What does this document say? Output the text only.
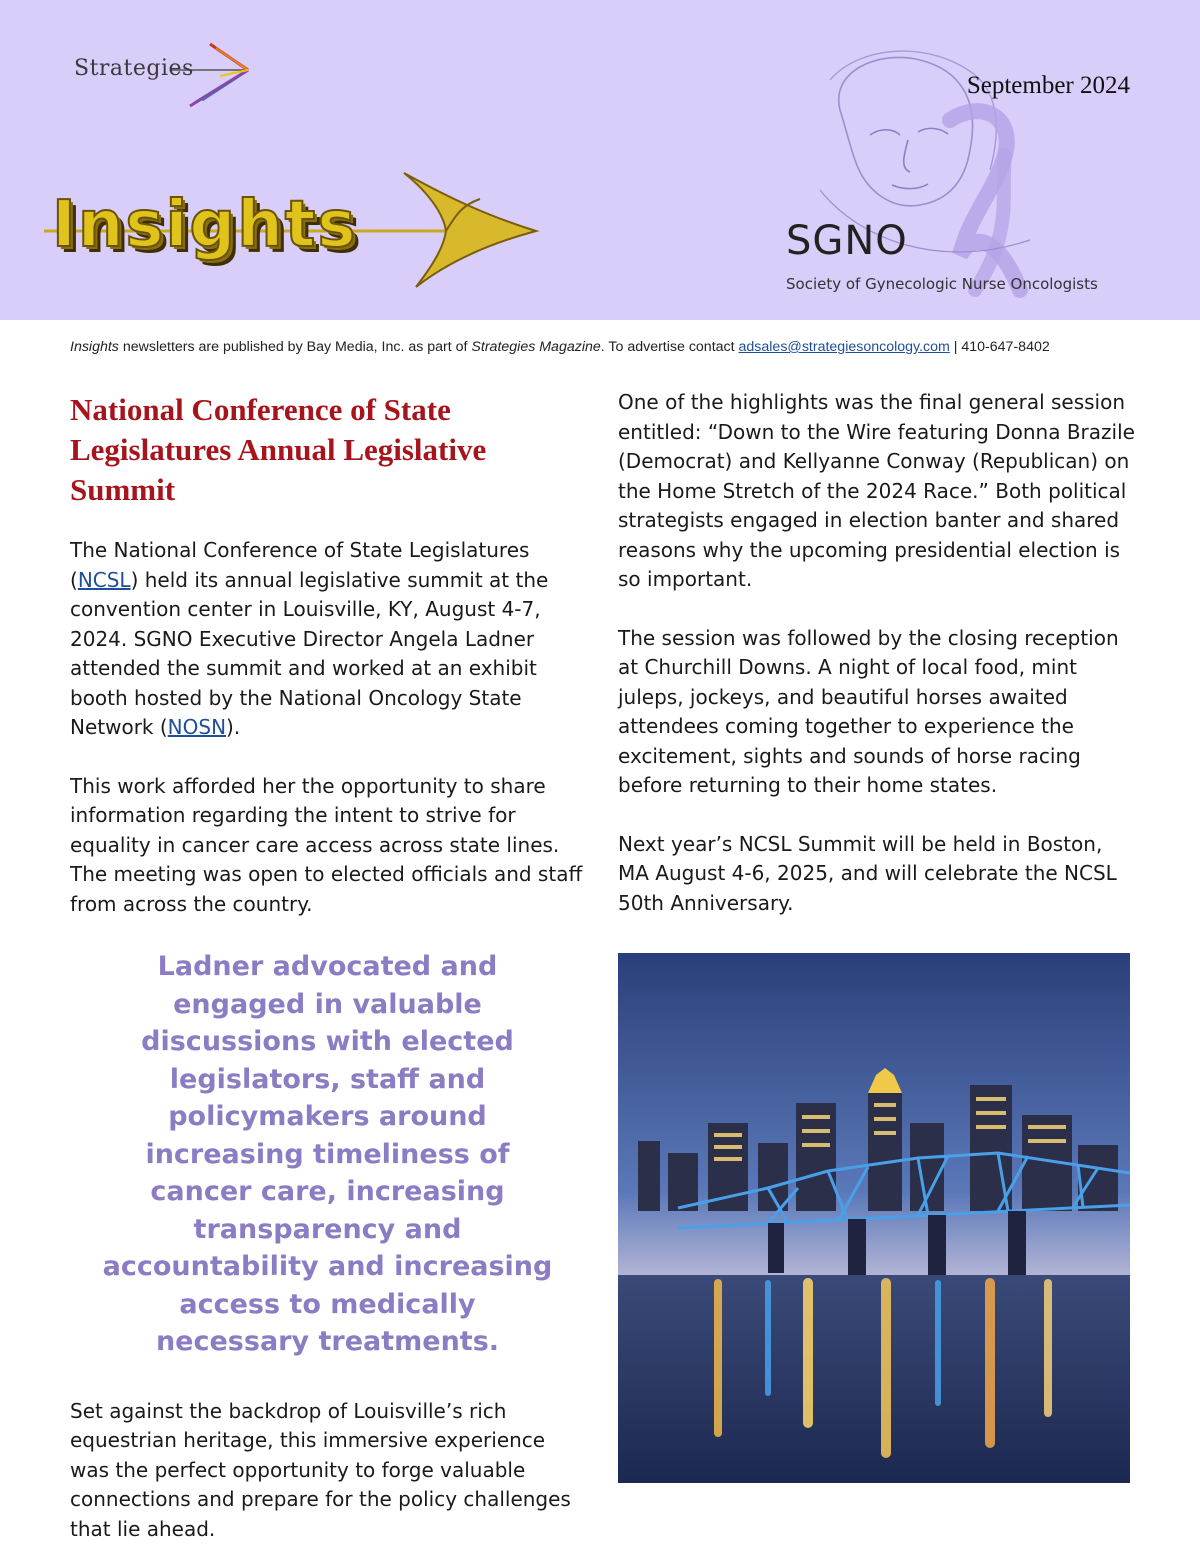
Strategies
Insights
September 2024
SGNO
Society of Gynecologic Nurse Oncologists
Insights newsletters are published by Bay Media, Inc. as part of Strategies Magazine. To advertise contact adsales@strategiesoncology.com | 410-647-8402
National Conference of State Legislatures Annual Legislative Summit

The National Conference of State Legislatures (NCSL) held its annual legislative summit at the convention center in Louisville, KY, August 4-7, 2024. SGNO Executive Director Angela Ladner attended the summit and worked at an exhibit booth hosted by the National Oncology State Network (NOSN).

This work afforded her the opportunity to share information regarding the intent to strive for equality in cancer care access across state lines. The meeting was open to elected officials and staff from across the country.

Ladner advocated and engaged in valuable discussions with elected legislators, staff and policymakers around increasing timeliness of cancer care, increasing transparency and accountability and increasing access to medically necessary treatments.

Set against the backdrop of Louisville’s rich equestrian heritage, this immersive experience was the perfect opportunity to forge valuable connections and prepare for the policy challenges that lie ahead.

One of the highlights was the final general session entitled: “Down to the Wire featuring Donna Brazile (Democrat) and Kellyanne Conway (Republican) on the Home Stretch of the 2024 Race.” Both political strategists engaged in election banter and shared reasons why the upcoming presidential election is so important.

The session was followed by the closing reception at Churchill Downs. A night of local food, mint juleps, jockeys, and beautiful horses awaited attendees coming together to experience the excitement, sights and sounds of horse racing before returning to their home states.

Next year’s NCSL Summit will be held in Boston, MA August 4-6, 2025, and will celebrate the NCSL 50th Anniversary.
